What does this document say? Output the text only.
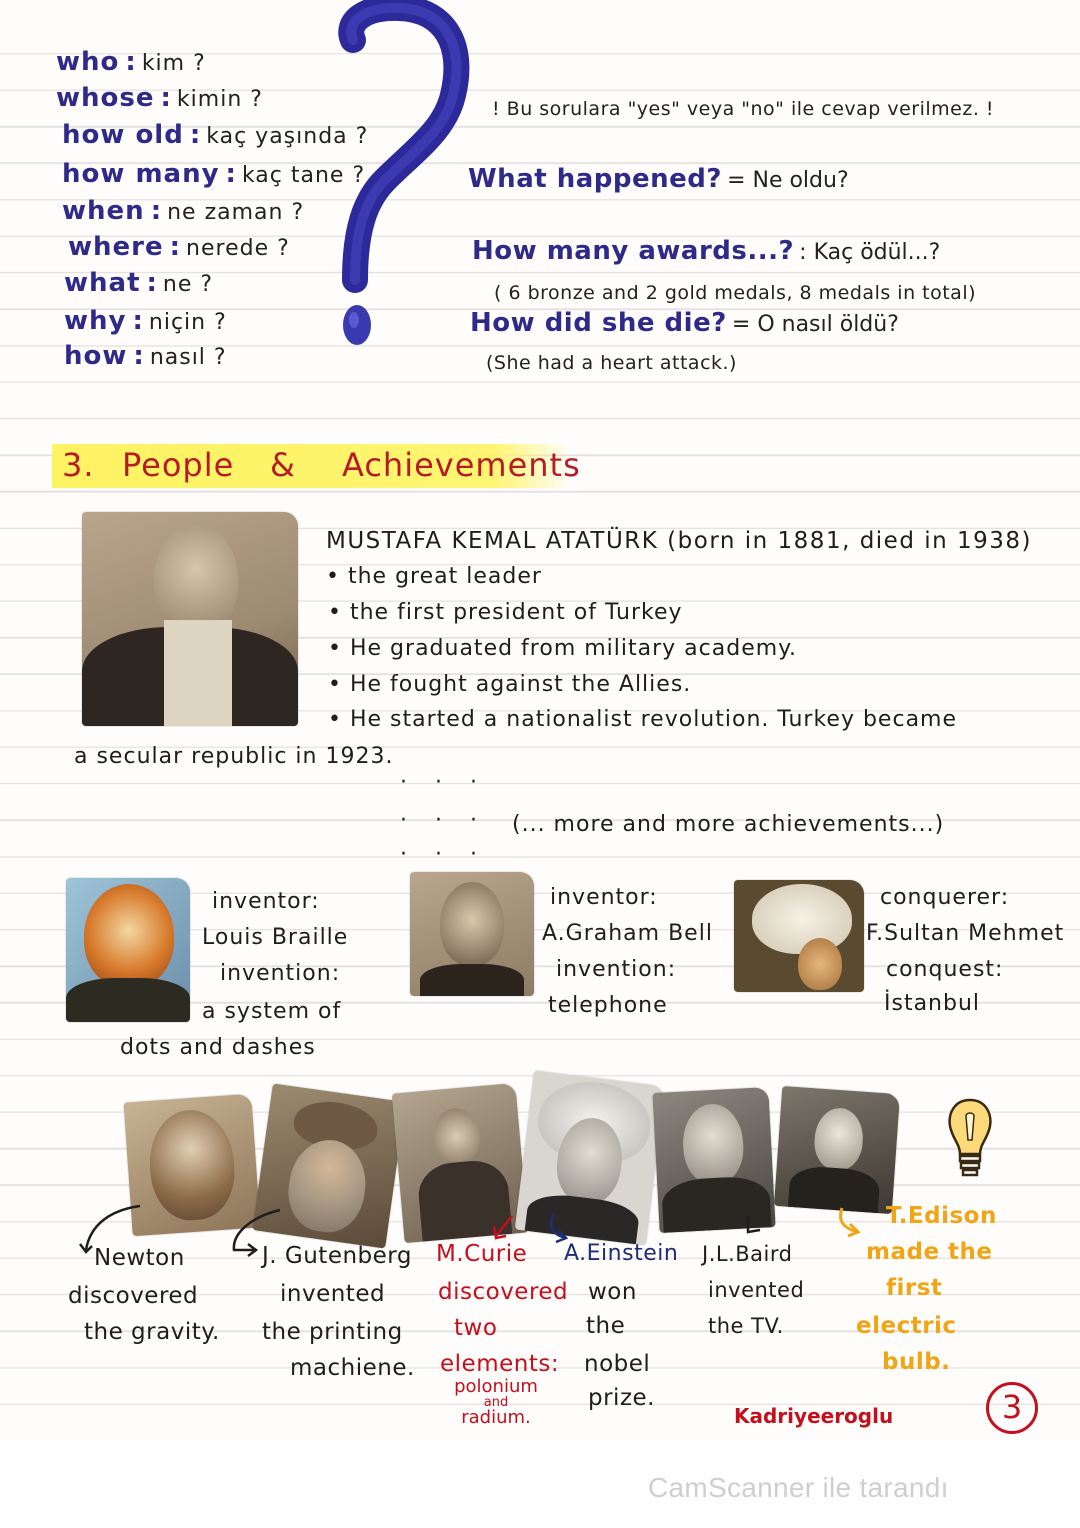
who : kim ?
whose : kimin ?
how old : kaç yaşında ?
how many : kaç tane ?
when : ne zaman ?
where : nerede ?
what : ne ?
why : niçin ?
how : nasıl ?
! Bu sorulara "yes" veya "no" ile cevap verilmez. !
What happened? = Ne oldu?
How many awards...? : Kaç ödül...?
( 6 bronze and 2 gold medals, 8 medals in total)
How did she die? = O nasıl öldü?
(She had a heart attack.)
3. People & Achievements
MUSTAFA KEMAL ATATÜRK (born in 1881, died in 1938)
• the great leader
• the first president of Turkey
• He graduated from military academy.
• He fought against the Allies.
• He started a nationalist revolution. Turkey became
a secular republic in 1923.
···
··· (... more and more achievements...)
···
inventor:
Louis Braille
invention:
a system of
dots and dashes
inventor:
A.Graham Bell
invention:
telephone
conquerer:
F.Sultan Mehmet
conquest:
İstanbul
Newton
discovered
the gravity.
J. Gutenberg
invented
the printing
machiene.
M.Curie
discovered
two
elements:
polonium
and
radium.
A.Einstein
won
the
nobel
prize.
J.L.Baird
invented
the TV.
T.Edison
made the
first
electric
bulb.
Kadriyeeroglu	3
CamScanner ile tarandı
